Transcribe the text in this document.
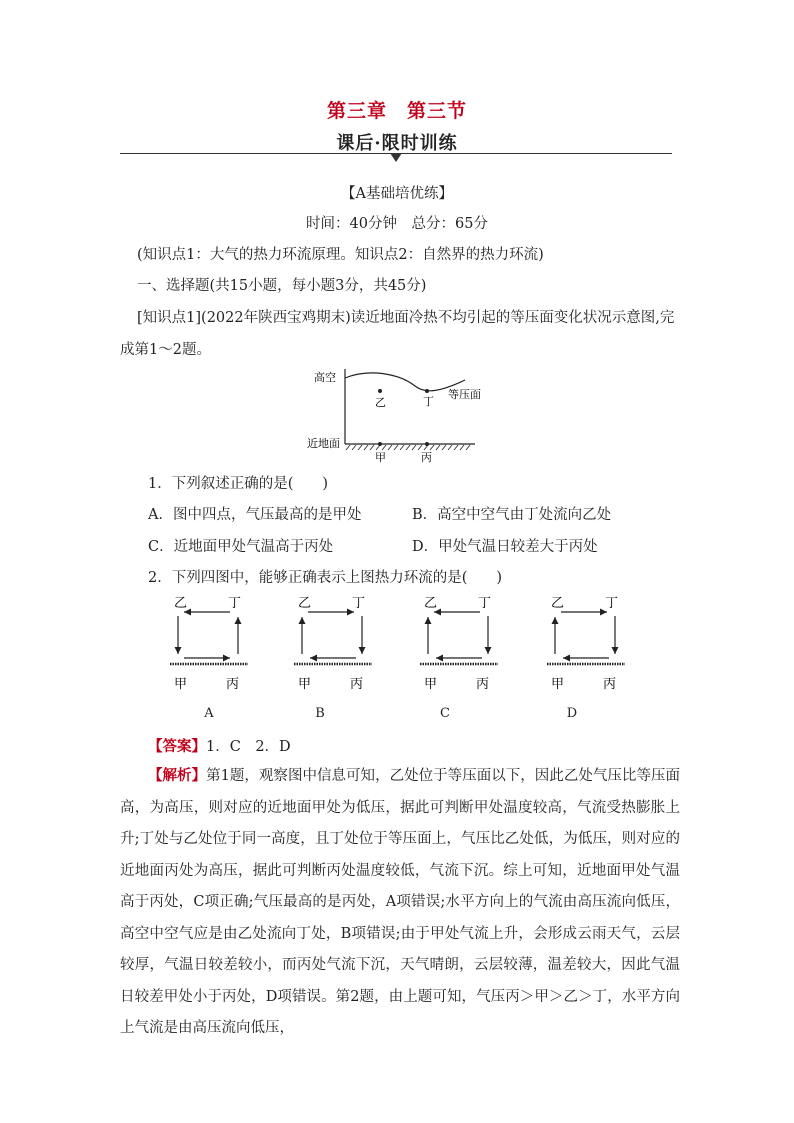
第三章　第三节
课后·限时训练
【A基础培优练】
时间：40分钟　总分：65分
(知识点1：大气的热力环流原理。知识点2：自然界的热力环流)
一、选择题(共15小题，每小题3分，共45分)
[知识点1](2022年陕西宝鸡期末)读近地面冷热不均引起的等压面变化状况示意图,完
成第1～2题。
高空
近地面
等压面
乙	丁
甲	丙
1．下列叙述正确的是(　　)
A．图中四点，气压最高的是甲处	B．高空中空气由丁处流向乙处
C．近地面甲处气温高于丙处	D．甲处气温日较差大于丙处
2．下列四图中，能够正确表示上图热力环流的是(　　)
乙	丁
甲	丙
乙	丁
甲	丙
乙	丁
甲	丙
乙	丁
甲	丙
A	B	C	D
【答案】1．C　2．D
【解析】第1题，观察图中信息可知，乙处位于等压面以下，因此乙处气压比等压面高，为高压，则对应的近地面甲处为低压，据此可判断甲处温度较高，气流受热膨胀上升;丁处与乙处位于同一高度，且丁处位于等压面上，气压比乙处低，为低压，则对应的近地面丙处为高压，据此可判断丙处温度较低，气流下沉。综上可知，近地面甲处气温高于丙处，C项正确;气压最高的是丙处，A项错误;水平方向上的气流由高压流向低压，高空中空气应是由乙处流向丁处，B项错误;由于甲处气流上升，会形成云雨天气，云层较厚，气温日较差较小，而丙处气流下沉，天气晴朗，云层较薄，温差较大，因此气温日较差甲处小于丙处，D项错误。第2题，由上题可知，气压丙＞甲＞乙＞丁，水平方向上气流是由高压流向低压，
